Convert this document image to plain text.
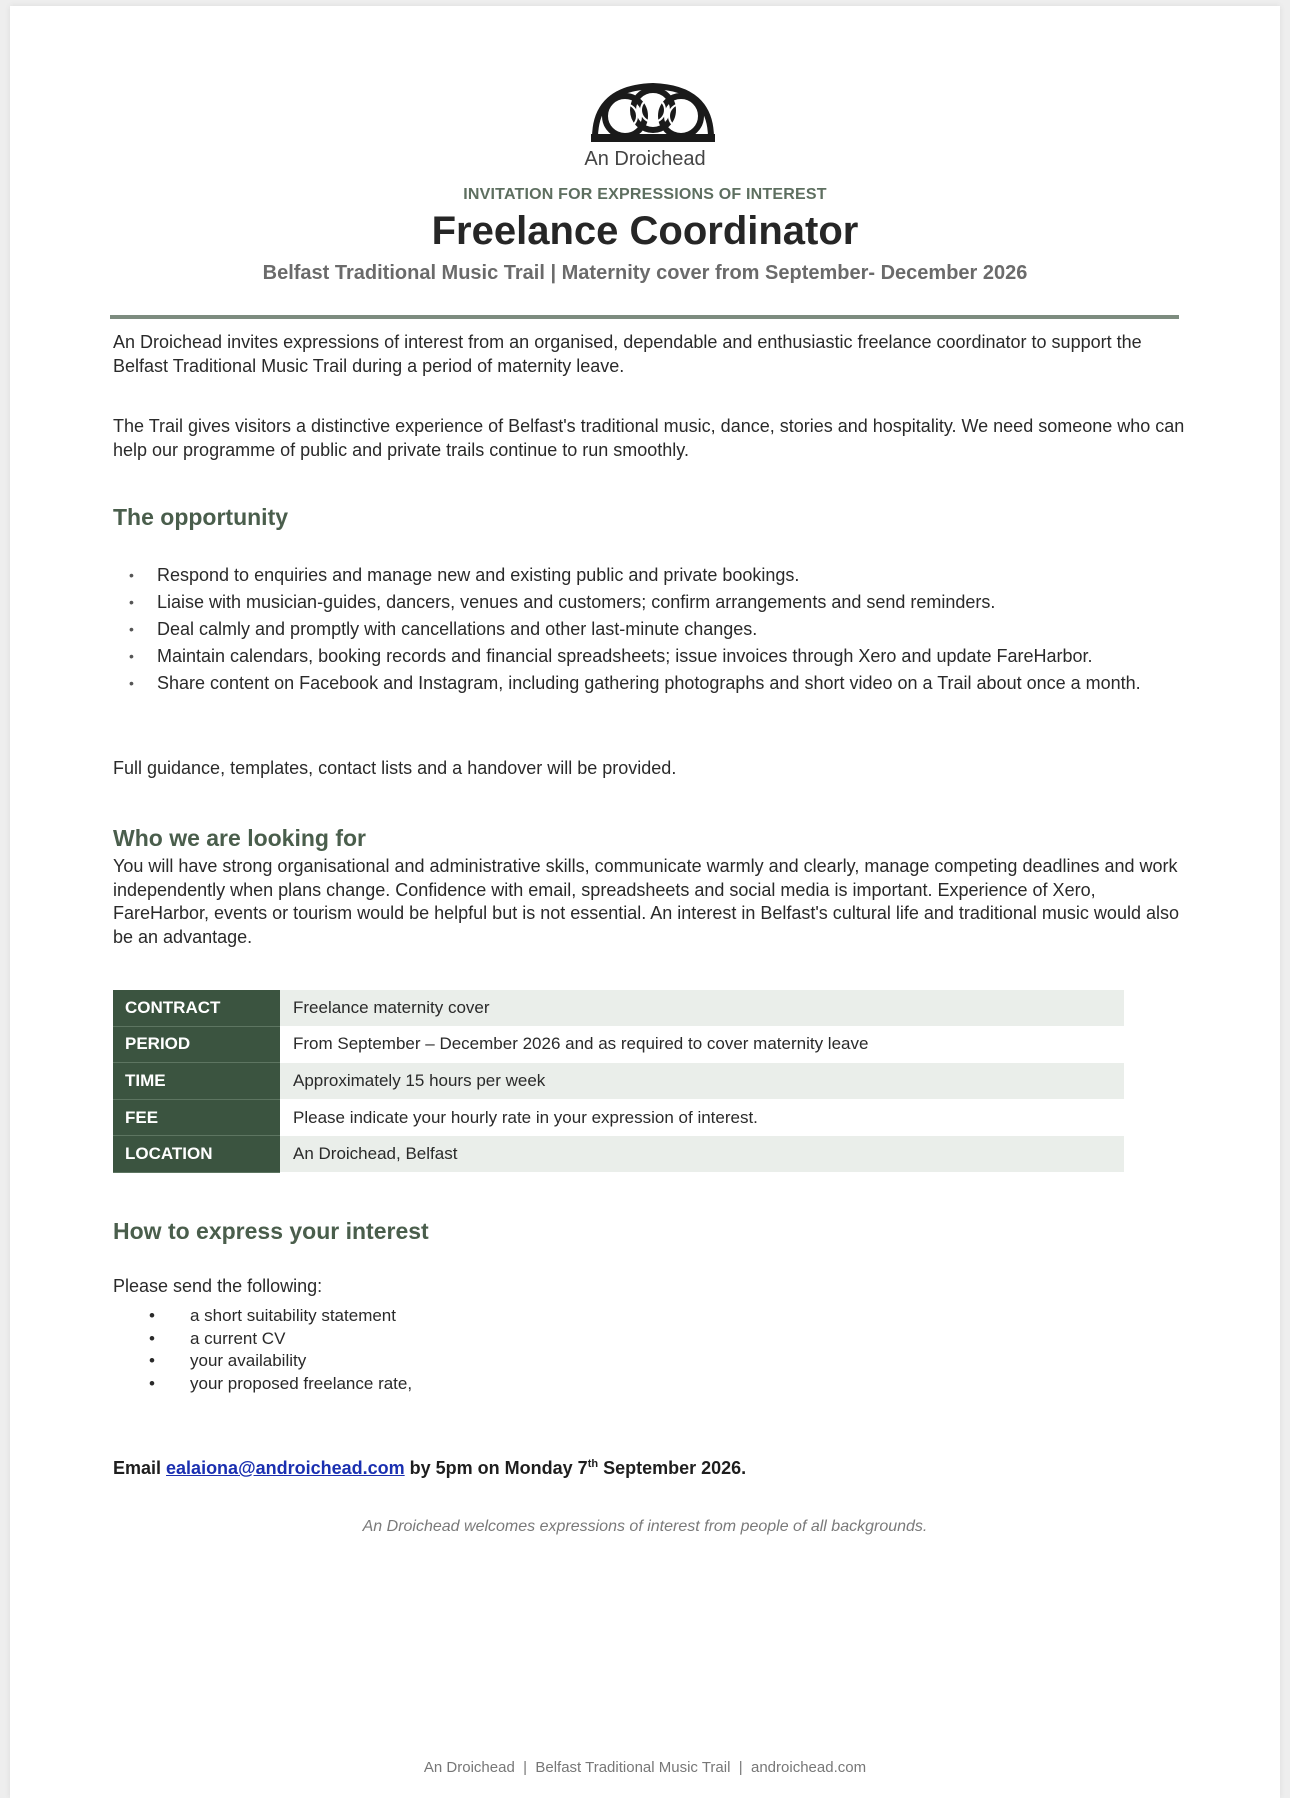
An Droichead
INVITATION FOR EXPRESSIONS OF INTEREST
Freelance Coordinator
Belfast Traditional Music Trail | Maternity cover from September- December 2026

An Droichead invites expressions of interest from an organised, dependable and enthusiastic freelance coordinator to support the Belfast Traditional Music Trail during a period of maternity leave.

The Trail gives visitors a distinctive experience of Belfast's traditional music, dance, stories and hospitality. We need someone who can help our programme of public and private trails continue to run smoothly.

The opportunity
• Respond to enquiries and manage new and existing public and private bookings.
• Liaise with musician-guides, dancers, venues and customers; confirm arrangements and send reminders.
• Deal calmly and promptly with cancellations and other last-minute changes.
• Maintain calendars, booking records and financial spreadsheets; issue invoices through Xero and update FareHarbor.
• Share content on Facebook and Instagram, including gathering photographs and short video on a Trail about once a month.

Full guidance, templates, contact lists and a handover will be provided.

Who we are looking for

You will have strong organisational and administrative skills, communicate warmly and clearly, manage competing deadlines and work independently when plans change. Confidence with email, spreadsheets and social media is important. Experience of Xero, FareHarbor, events or tourism would be helpful but is not essential. An interest in Belfast's cultural life and traditional music would also be an advantage.

CONTRACT	Freelance maternity cover
PERIOD	From September – December 2026 and as required to cover maternity leave
TIME	Approximately 15 hours per week
FEE	Please indicate your hourly rate in your expression of interest.
LOCATION	An Droichead, Belfast
How to express your interest

Please send the following:

• a short suitability statement
• a current CV
• your availability
• your proposed freelance rate,
Email ealaiona@androichead.com by 5pm on Monday 7th September 2026.
An Droichead welcomes expressions of interest from people of all backgrounds.
An Droichead  |  Belfast Traditional Music Trail  |  androichead.com
